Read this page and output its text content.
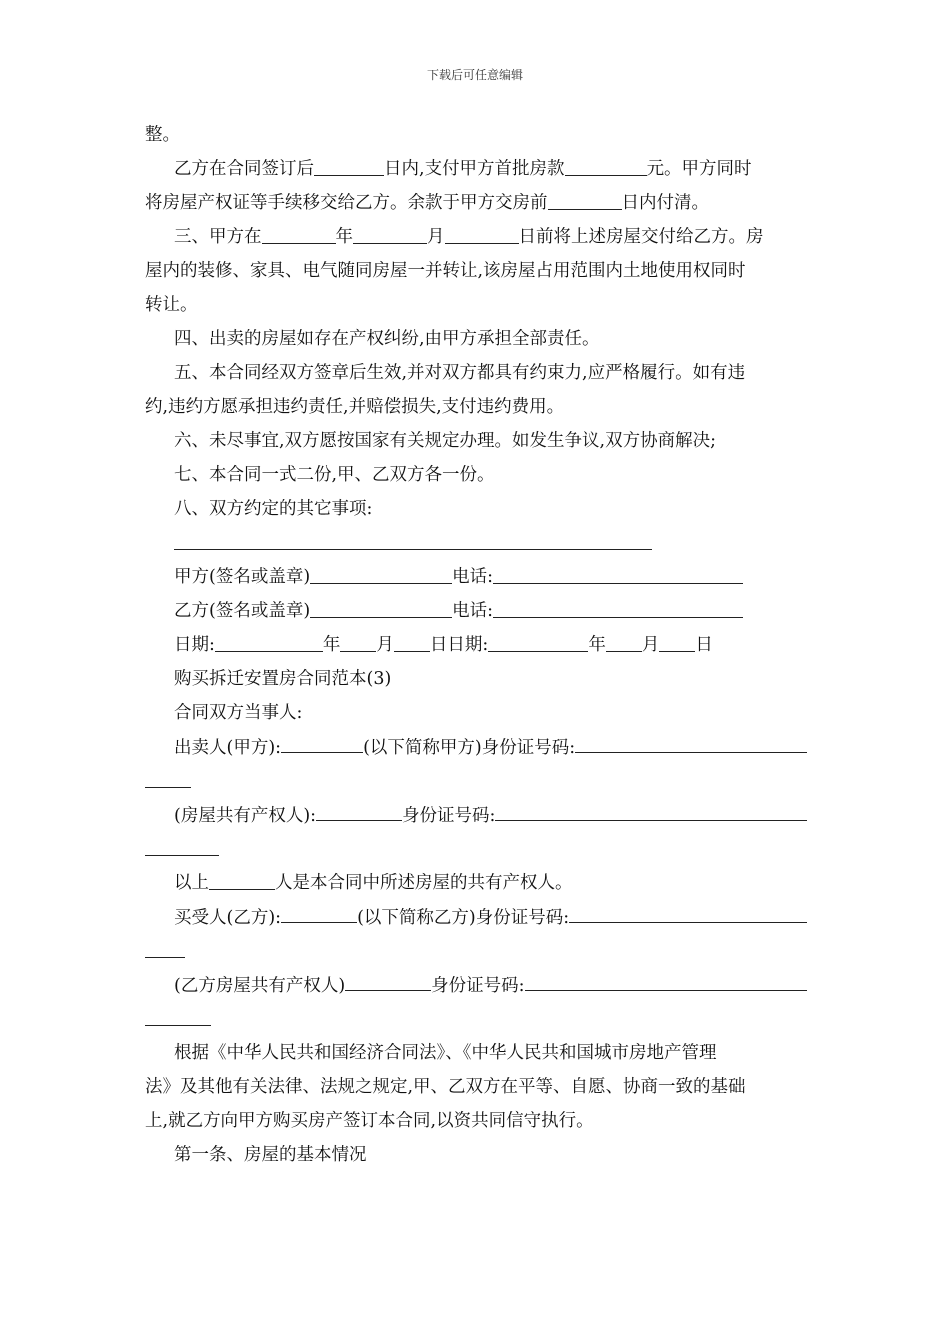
下载后可任意编辑
整。
乙方在合同签订后	日内,支付甲方首批房款	元。甲方同时
将房屋产权证等手续移交给乙方。余款于甲方交房前	日内付清。
三、甲方在	年	月	日前将上述房屋交付给乙方。房
屋内的装修、家具、电气随同房屋一并转让,该房屋占用范围内土地使用权同时
转让。
四、出卖的房屋如存在产权纠纷,由甲方承担全部责任。
五、本合同经双方签章后生效,并对双方都具有约束力,应严格履行。如有违
约,违约方愿承担违约责任,并赔偿损失,支付违约费用。
六、未尽事宜,双方愿按国家有关规定办理。如发生争议,双方协商解决;
七、本合同一式二份,甲、乙双方各一份。
八、双方约定的其它事项:
甲方(签名或盖章)	电话:
乙方(签名或盖章)	电话:
日期:	年 月 日日期:	年 月 日
购买拆迁安置房合同范本(3)
合同双方当事人:
出卖人(甲方):	(以下简称甲方)身份证号码:
(房屋共有产权人):	身份证号码:
以上	人是本合同中所述房屋的共有产权人。
买受人(乙方):	(以下简称乙方)身份证号码:
(乙方房屋共有产权人)	身份证号码:
根据《中华人民共和国经济合同法》、《中华人民共和国城市房地产管理
法》及其他有关法律、法规之规定,甲、乙双方在平等、自愿、协商一致的基础
上,就乙方向甲方购买房产签订本合同,以资共同信守执行。
第一条、房屋的基本情况
